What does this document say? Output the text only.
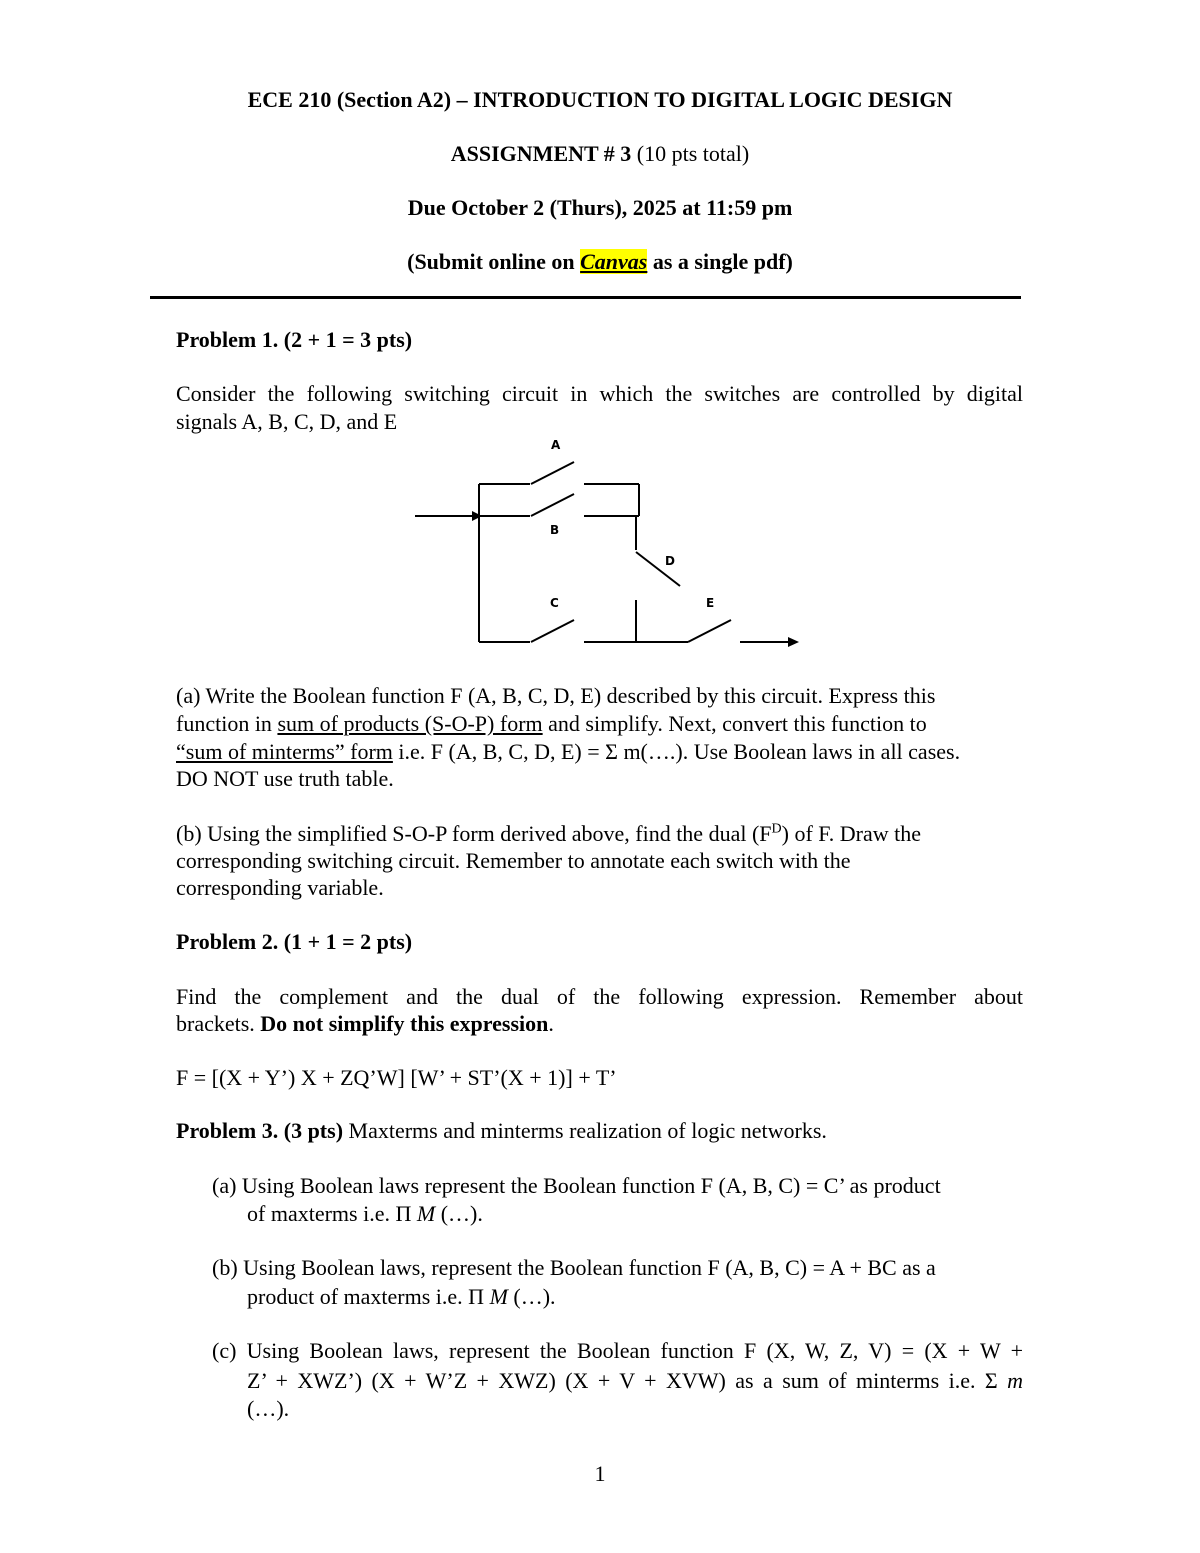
ECE 210 (Section A2) – INTRODUCTION TO DIGITAL LOGIC DESIGN
ASSIGNMENT # 3 (10 pts total)
Due October 2 (Thurs), 2025 at 11:59 pm
(Submit online on Canvas as a single pdf)
Problem 1. (2 + 1 = 3 pts)
Consider the following switching circuit in which the switches are controlled by digital
signals A, B, C, D, and E
A
B
D
C	E
(a) Write the Boolean function F (A, B, C, D, E) described by this circuit. Express this
function in sum of products (S-O-P) form and simplify. Next, convert this function to
“sum of minterms” form i.e. F (A, B, C, D, E) = Σ m(….). Use Boolean laws in all cases.
DO NOT use truth table.
(b) Using the simplified S-O-P form derived above, find the dual $(F^D)$ of F. Draw the
corresponding switching circuit. Remember to annotate each switch with the
corresponding variable.
Problem 2. (1 + 1 = 2 pts)
Find the complement and the dual of the following expression. Remember about
brackets. Do not simplify this expression.
F = [(X + Y’) X + ZQ’W] [W’ + ST’(X + 1)] + T’
Problem 3. (3 pts) Maxterms and minterms realization of logic networks.
(a) Using Boolean laws represent the Boolean function F (A, B, C) = C’ as product
of maxterms i.e. Π M (…).
(b) Using Boolean laws, represent the Boolean function F (A, B, C) = A + BC as a
product of maxterms i.e. Π M (…).
(c) Using Boolean laws, represent the Boolean function F (X, W, Z, V) = (X + W +
Z’ + XWZ’) (X + W’Z + XWZ) (X + V + XVW) as a sum of minterms i.e. Σ m
(…).
1
